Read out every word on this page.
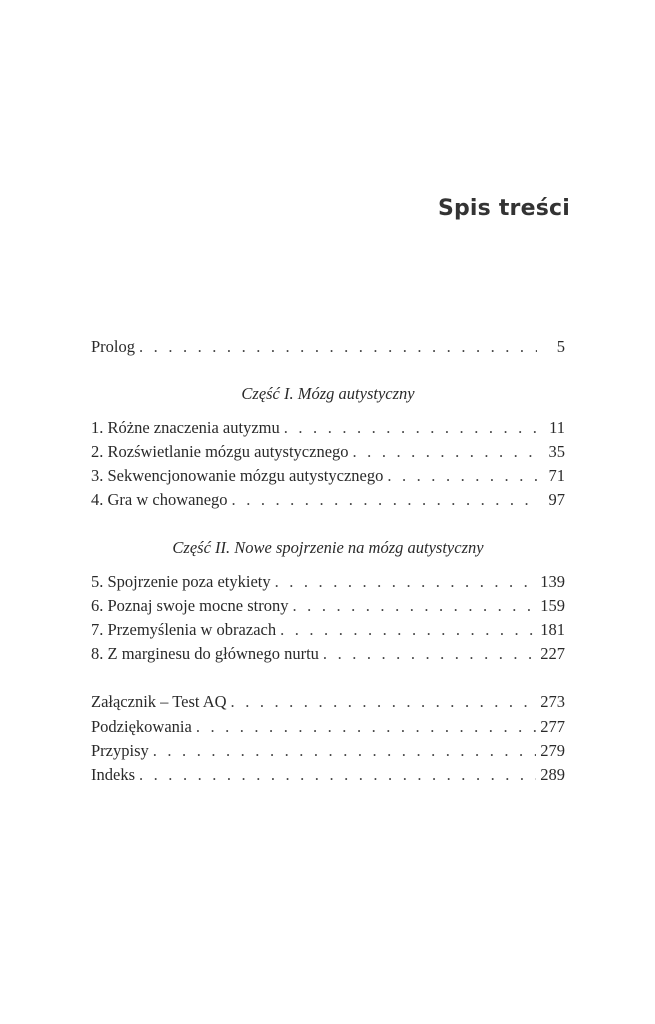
Spis treści
Prolog . . .	5
Część I. Mózg autystyczny
1. Różne znaczenia autyzmu . . .	11
2. Rozświetlanie mózgu autystycznego . . .	35
3. Sekwencjonowanie mózgu autystycznego . . .	71
4. Gra w chowanego . . .	97
Część II. Nowe spojrzenie na mózg autystyczny
5. Spojrzenie poza etykiety . . .	139
6. Poznaj swoje mocne strony . . .	159
7. Przemyślenia w obrazach . . .	181
8. Z marginesu do głównego nurtu . . .	227
Załącznik – Test AQ . . .	273
Podziękowania . . .	277
Przypisy . . .	279
Indeks . . .	289
